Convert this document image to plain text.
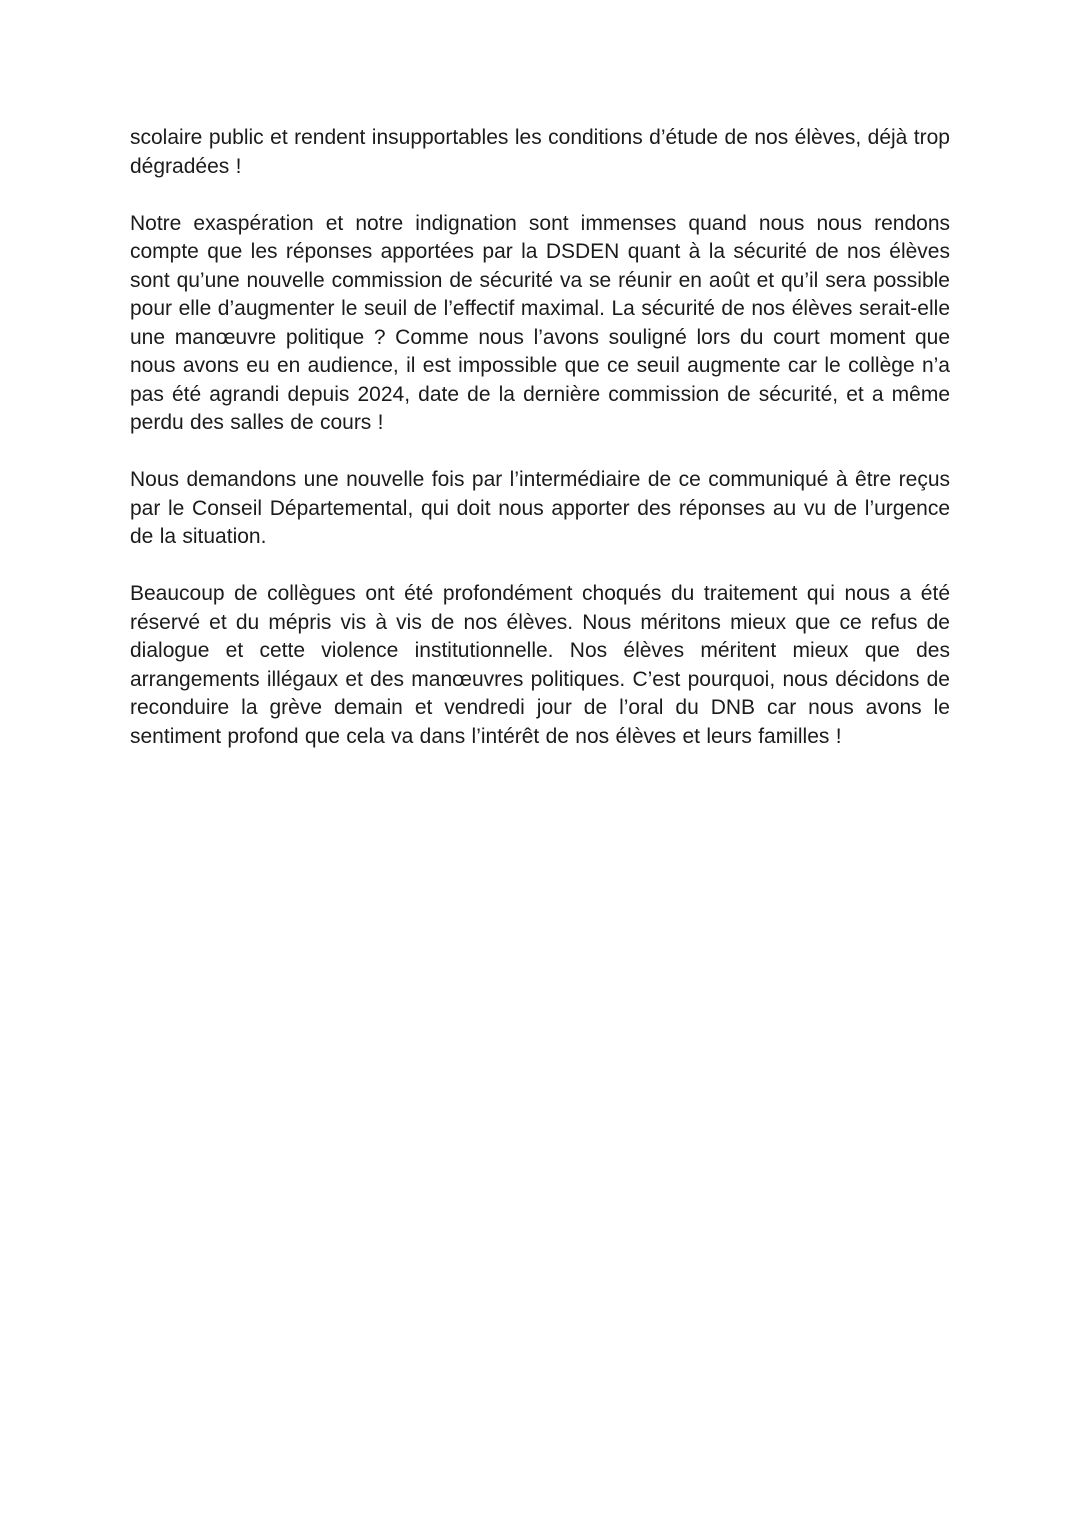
scolaire public et rendent insupportables les conditions d’étude de nos élèves, déjà trop dégradées !

Notre exaspération et notre indignation sont immenses quand nous nous rendons compte que les réponses apportées par la DSDEN quant à la sécurité de nos élèves sont qu’une nouvelle commission de sécurité va se réunir en août et qu’il sera possible pour elle d’augmenter le seuil de l’effectif maximal. La sécurité de nos élèves serait-elle une manœuvre politique ? Comme nous l’avons souligné lors du court moment que nous avons eu en audience, il est impossible que ce seuil augmente car le collège n’a pas été agrandi depuis 2024, date de la dernière commission de sécurité, et a même perdu des salles de cours !

Nous demandons une nouvelle fois par l’intermédiaire de ce communiqué à être reçus par le Conseil Départemental, qui doit nous apporter des réponses au vu de l’urgence de la situation.

Beaucoup de collègues ont été profondément choqués du traitement qui nous a été réservé et du mépris vis à vis de nos élèves. Nous méritons mieux que ce refus de dialogue et cette violence institutionnelle. Nos élèves méritent mieux que des arrangements illégaux et des manœuvres politiques. C’est pourquoi, nous décidons de reconduire la grève demain et vendredi jour de l’oral du DNB car nous avons le sentiment profond que cela va dans l’intérêt de nos élèves et leurs familles !
